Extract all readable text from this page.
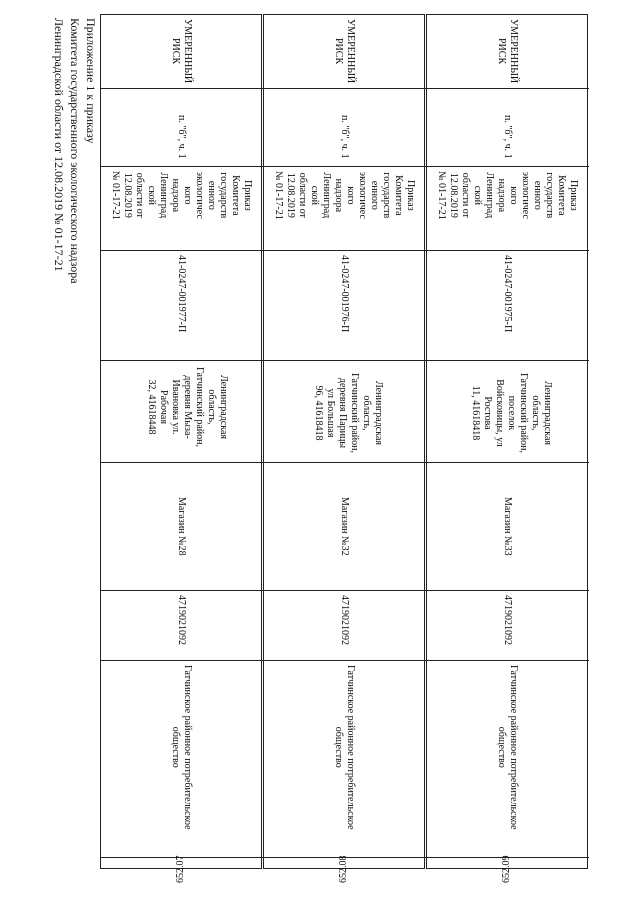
Приложение 1 к приказу
Комитета государственного экологического надзора
Ленинградской области от 12.08.2019 № 01-17-21	УМЕРЕННЫЙ
РИСК
п. "б", ч. 1
Приказ
Комитета
государств
енного
экологичес
кого
надзора
Ленинград
ской
области от
12.08.2019
№ 01-17-21
41-0247-001977-П
Ленинградская
область,
Гатчинский район,
деревня Мыза-
Ивановка ул.
Рабочая
32, 41618448
Магазин №28
4719021092
Гатчинское районное потребительское
общество
652.07
УМЕРЕННЫЙ
РИСК
п. "б", ч. 1
Приказ
Комитета
государств
енного
экологичес
кого
надзора
Ленинград
ской
области от
12.08.2019
№ 01-17-21
41-0247-001976-П
Ленинградская
область,
Гатчинский район,
деревня Парицы
ул Большая
96, 41618418
Магазин №32
4719021092
Гатчинское районное потребительское
общество
652.08
УМЕРЕННЫЙ
РИСК
п. "б", ч. 1
Приказ
Комитета
государств
енного
экологичес
кого
надзора
Ленинград
ской
области от
12.08.2019
№ 01-17-21
41-0247-001975-П
Ленинградская
область,
Гатчинский район,
поселок
Войсковицы, ул
Ростова
11, 41618418
Магазин №33
4719021092
Гатчинское районное потребительское
общество
652.09
